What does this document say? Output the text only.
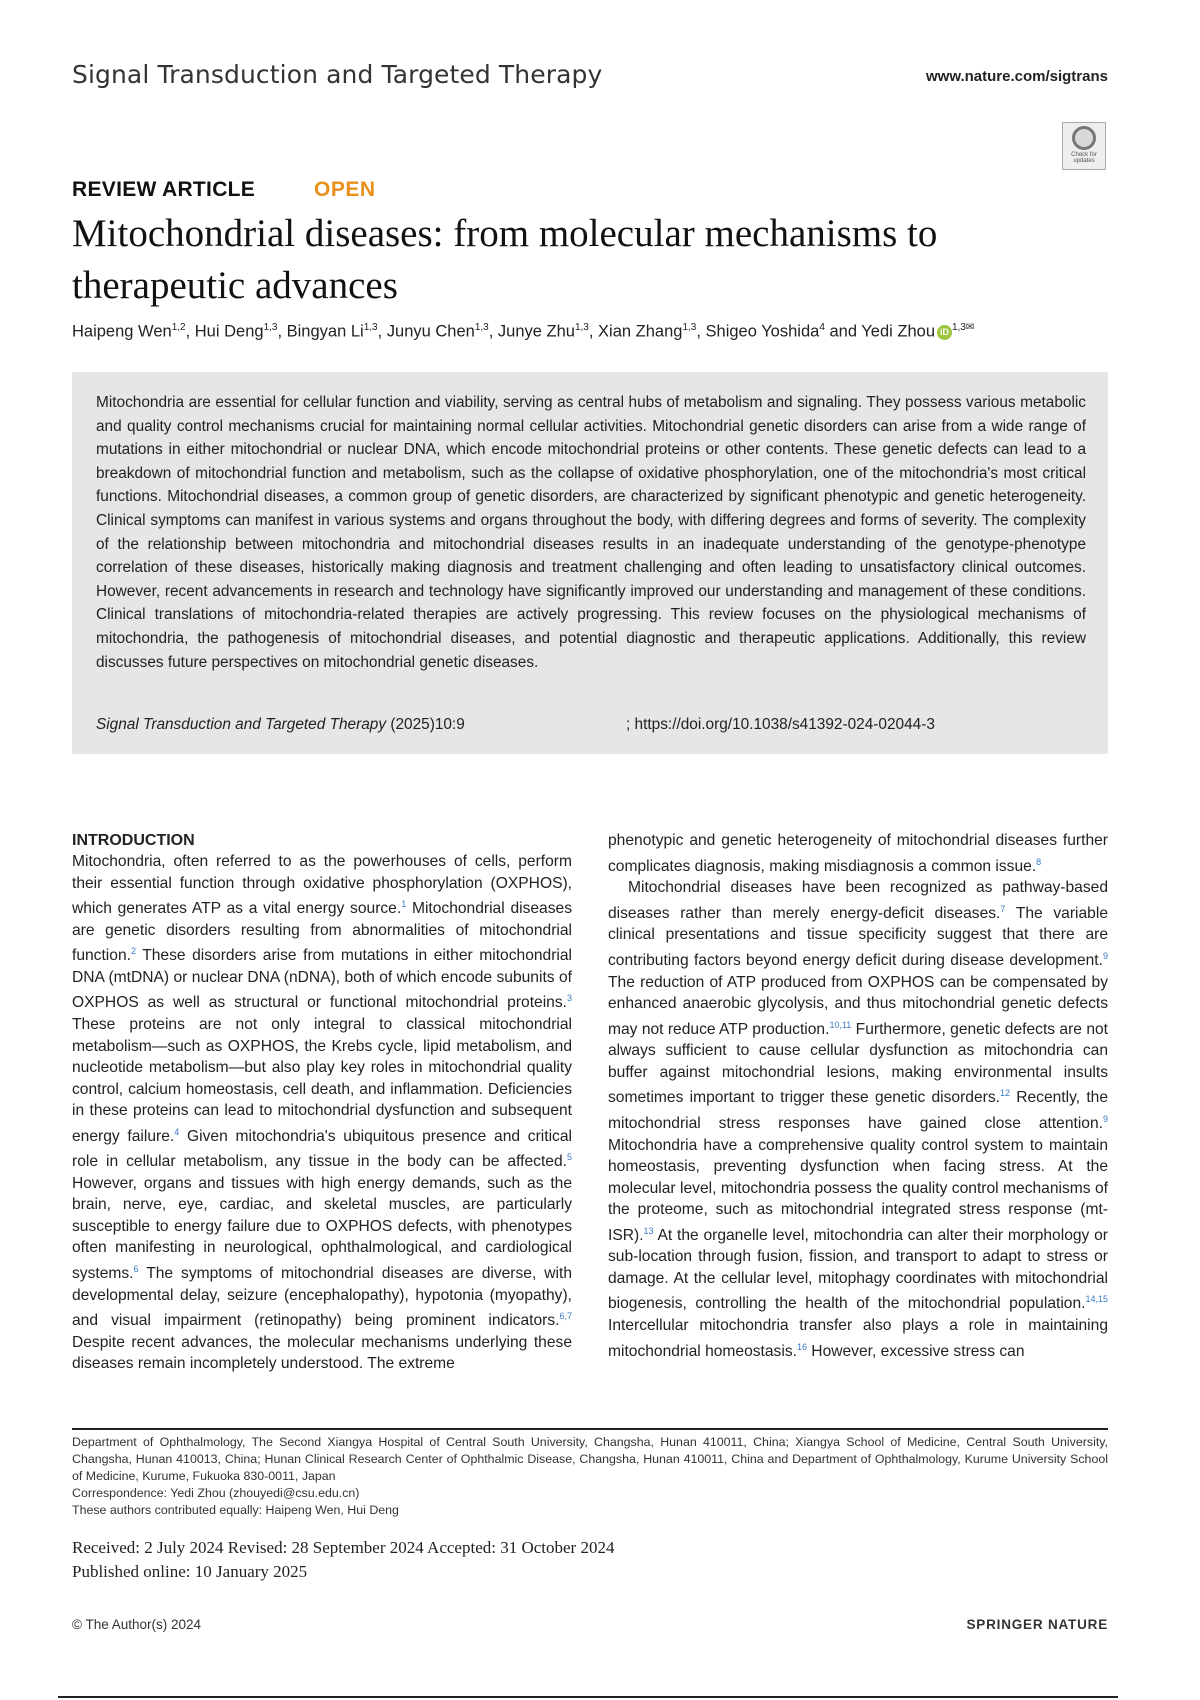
Signal Transduction and Targeted Therapy	www.nature.com/sigtrans
Check for updates
REVIEW ARTICLE	OPEN
Mitochondrial diseases: from molecular mechanisms to therapeutic advances
Haipeng Wen$^{1,2}$, Hui Deng$^{1,3}$, Bingyan Li$^{1,3}$, Junyu Chen$^{1,3}$, Junye Zhu$^{1,3}$, Xian Zhang$^{1,3}$, Shigeo Yoshida$^4$ and Yedi Zhou iD $^{1,3✉}$

Mitochondria are essential for cellular function and viability, serving as central hubs of metabolism and signaling. They possess various metabolic and quality control mechanisms crucial for maintaining normal cellular activities. Mitochondrial genetic disorders can arise from a wide range of mutations in either mitochondrial or nuclear DNA, which encode mitochondrial proteins or other contents. These genetic defects can lead to a breakdown of mitochondrial function and metabolism, such as the collapse of oxidative phosphorylation, one of the mitochondria's most critical functions. Mitochondrial diseases, a common group of genetic disorders, are characterized by significant phenotypic and genetic heterogeneity. Clinical symptoms can manifest in various systems and organs throughout the body, with differing degrees and forms of severity. The complexity of the relationship between mitochondria and mitochondrial diseases results in an inadequate understanding of the genotype-phenotype correlation of these diseases, historically making diagnosis and treatment challenging and often leading to unsatisfactory clinical outcomes. However, recent advancements in research and technology have significantly improved our understanding and management of these conditions. Clinical translations of mitochondria-related therapies are actively progressing. This review focuses on the physiological mechanisms of mitochondria, the pathogenesis of mitochondrial diseases, and potential diagnostic and therapeutic applications. Additionally, this review discusses future perspectives on mitochondrial genetic diseases.

Signal Transduction and Targeted Therapy (2025)10:9	; https://doi.org/10.1038/s41392-024-02044-3

INTRODUCTION

Mitochondria, often referred to as the powerhouses of cells, perform their essential function through oxidative phosphorylation (OXPHOS), which generates ATP as a vital energy source.$^1$ Mitochondrial diseases are genetic disorders resulting from abnormalities of mitochondrial function.$^2$ These disorders arise from mutations in either mitochondrial DNA (mtDNA) or nuclear DNA (nDNA), both of which encode subunits of OXPHOS as well as structural or functional mitochondrial proteins.$^3$ These proteins are not only integral to classical mitochondrial metabolism—such as OXPHOS, the Krebs cycle, lipid metabolism, and nucleotide metabolism—but also play key roles in mitochondrial quality control, calcium homeostasis, cell death, and inflammation. Deficiencies in these proteins can lead to mitochondrial dysfunction and subsequent energy failure.$^4$ Given mitochondria's ubiquitous presence and critical role in cellular metabolism, any tissue in the body can be affected.$^5$ However, organs and tissues with high energy demands, such as the brain, nerve, eye, cardiac, and skeletal muscles, are particularly susceptible to energy failure due to OXPHOS defects, with phenotypes often manifesting in neurological, ophthalmological, and cardiological systems.$^6$ The symptoms of mitochondrial diseases are diverse, with developmental delay, seizure (encephalopathy), hypotonia (myopathy), and visual impairment (retinopathy) being prominent indicators.$^{6,7}$ Despite recent advances, the molecular mechanisms underlying these diseases remain incompletely understood. The extreme

phenotypic and genetic heterogeneity of mitochondrial diseases further complicates diagnosis, making misdiagnosis a common issue.$^8$

Mitochondrial diseases have been recognized as pathway-based diseases rather than merely energy-deficit diseases.$^7$ The variable clinical presentations and tissue specificity suggest that there are contributing factors beyond energy deficit during disease development.$^9$ The reduction of ATP produced from OXPHOS can be compensated by enhanced anaerobic glycolysis, and thus mitochondrial genetic defects may not reduce ATP production.$^{10,11}$ Furthermore, genetic defects are not always sufficient to cause cellular dysfunction as mitochondria can buffer against mitochondrial lesions, making environmental insults sometimes important to trigger these genetic disorders.$^{12}$ Recently, the mitochondrial stress responses have gained close attention.$^9$ Mitochondria have a comprehensive quality control system to maintain homeostasis, preventing dysfunction when facing stress. At the molecular level, mitochondria possess the quality control mechanisms of the proteome, such as mitochondrial integrated stress response (mt-ISR).$^{13}$ At the organelle level, mitochondria can alter their morphology or sub-location through fusion, fission, and transport to adapt to stress or damage. At the cellular level, mitophagy coordinates with mitochondrial biogenesis, controlling the health of the mitochondrial population.$^{14,15}$ Intercellular mitochondria transfer also plays a role in maintaining mitochondrial homeostasis.$^{16}$ However, excessive stress can

Department of Ophthalmology, The Second Xiangya Hospital of Central South University, Changsha, Hunan 410011, China; Xiangya School of Medicine, Central South University, Changsha, Hunan 410013, China; Hunan Clinical Research Center of Ophthalmic Disease, Changsha, Hunan 410011, China and Department of Ophthalmology, Kurume University School of Medicine, Kurume, Fukuoka 830-0011, Japan

Correspondence: Yedi Zhou (zhouyedi@csu.edu.cn)

These authors contributed equally: Haipeng Wen, Hui Deng

Received: 2 July 2024 Revised: 28 September 2024 Accepted: 31 October 2024
Published online: 10 January 2025
© The Author(s) 2024	SPRINGER NATURE
